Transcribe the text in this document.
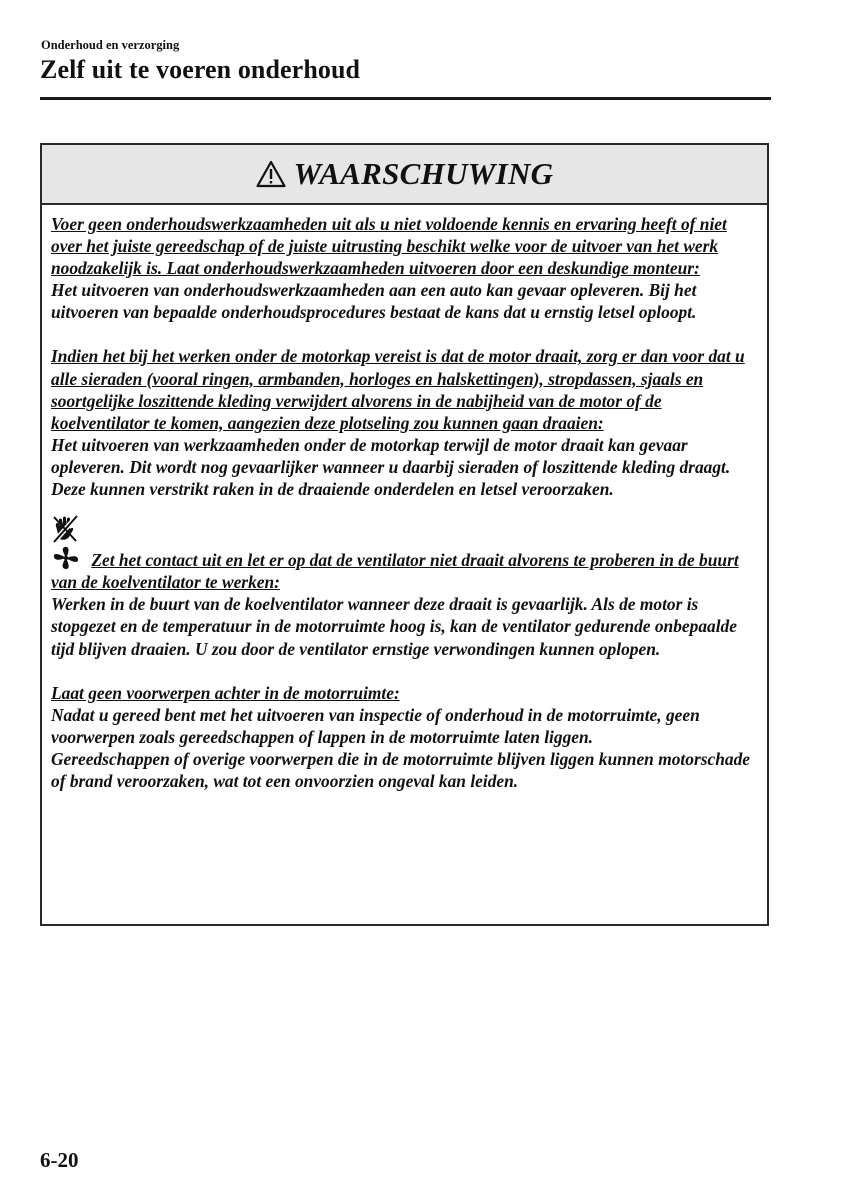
Onderhoud en verzorging
Zelf uit te voeren onderhoud
WAARSCHUWING

Voer geen onderhoudswerkzaamheden uit als u niet voldoende kennis en ervaring heeft of niet over het juiste gereedschap of de juiste uitrusting beschikt welke voor de uitvoer van het werk noodzakelijk is. Laat onderhoudswerkzaamheden uitvoeren door een deskundige monteur:

Het uitvoeren van onderhoudswerkzaamheden aan een auto kan gevaar opleveren. Bij het uitvoeren van bepaalde onderhoudsprocedures bestaat de kans dat u ernstig letsel oploopt.

Indien het bij het werken onder de motorkap vereist is dat de motor draait, zorg er dan voor dat u alle sieraden (vooral ringen, armbanden, horloges en halskettingen), stropdassen, sjaals en soortgelijke loszittende kleding verwijdert alvorens in de nabijheid van de motor of de koelventilator te komen, aangezien deze plotseling zou kunnen gaan draaien:

Het uitvoeren van werkzaamheden onder de motorkap terwijl de motor draait kan gevaar opleveren. Dit wordt nog gevaarlijker wanneer u daarbij sieraden of loszittende kleding draagt.

Deze kunnen verstrikt raken in de draaiende onderdelen en letsel veroorzaken.

Zet het contact uit en let er op dat de ventilator niet draait alvorens te proberen in de buurt van de koelventilator te werken:

Werken in de buurt van de koelventilator wanneer deze draait is gevaarlijk. Als de motor is stopgezet en de temperatuur in de motorruimte hoog is, kan de ventilator gedurende onbepaalde tijd blijven draaien. U zou door de ventilator ernstige verwondingen kunnen oplopen.

Laat geen voorwerpen achter in de motorruimte:

Nadat u gereed bent met het uitvoeren van inspectie of onderhoud in de motorruimte, geen voorwerpen zoals gereedschappen of lappen in de motorruimte laten liggen.

Gereedschappen of overige voorwerpen die in de motorruimte blijven liggen kunnen motorschade of brand veroorzaken, wat tot een onvoorzien ongeval kan leiden.

6-20
